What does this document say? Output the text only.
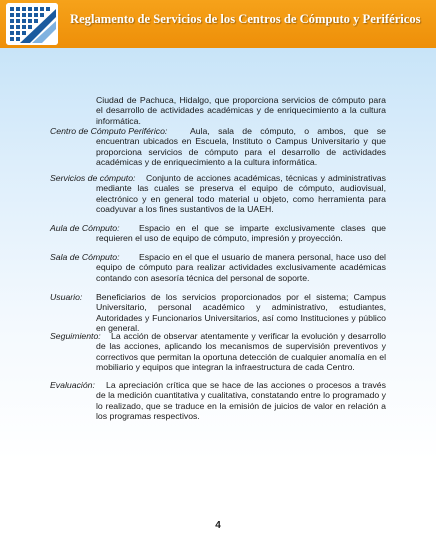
Reglamento de Servicios de los Centros de Cómputo y Periféricos
Ciudad de Pachuca, Hidalgo, que proporciona servicios de cómputo para el desarrollo de actividades académicas y de enriquecimiento a la cultura informática.
Centro de Cómputo Periférico:	Aula, sala de cómputo, o ambos, que se encuentran ubicados en Escuela, Instituto o Campus Universitario y que proporciona servicios de cómputo para el desarrollo de actividades académicas y de enriquecimiento a la cultura informática.
Servicios de cómputo:	Conjunto de acciones académicas, técnicas y administrativas mediante las cuales se preserva el equipo de cómputo, audiovisual, electrónico y en general todo material u objeto, como herramienta para coadyuvar a los fines sustantivos de la UAEH.
Aula de Cómputo:	Espacio en el que se imparte exclusivamente clases que requieren el uso de equipo de cómputo, impresión y proyección.
Sala de Cómputo:	Espacio en el que el usuario de manera personal, hace uso del equipo de cómputo para realizar actividades exclusivamente académicas contando con asesoría técnica del personal de soporte.
Usuario: Beneficiarios de los servicios proporcionados por el sistema; Campus Universitario, personal académico y administrativo, estudiantes, Autoridades y Funcionarios Universitarios, así como Instituciones y público en general.
Seguimiento:	La acción de observar atentamente y verificar la evolución y desarrollo de las acciones, aplicando los mecanismos de supervisión preventivos y correctivos que permitan la oportuna detección de cualquier anomalía en el mobiliario y equipos que integran la infraestructura de cada Centro.
Evaluación:	La apreciación crítica que se hace de las acciones o procesos a través de la medición cuantitativa y cualitativa, constatando entre lo programado y lo realizado, que se traduce en la emisión de juicios de valor en relación a los programas respectivos.
4
